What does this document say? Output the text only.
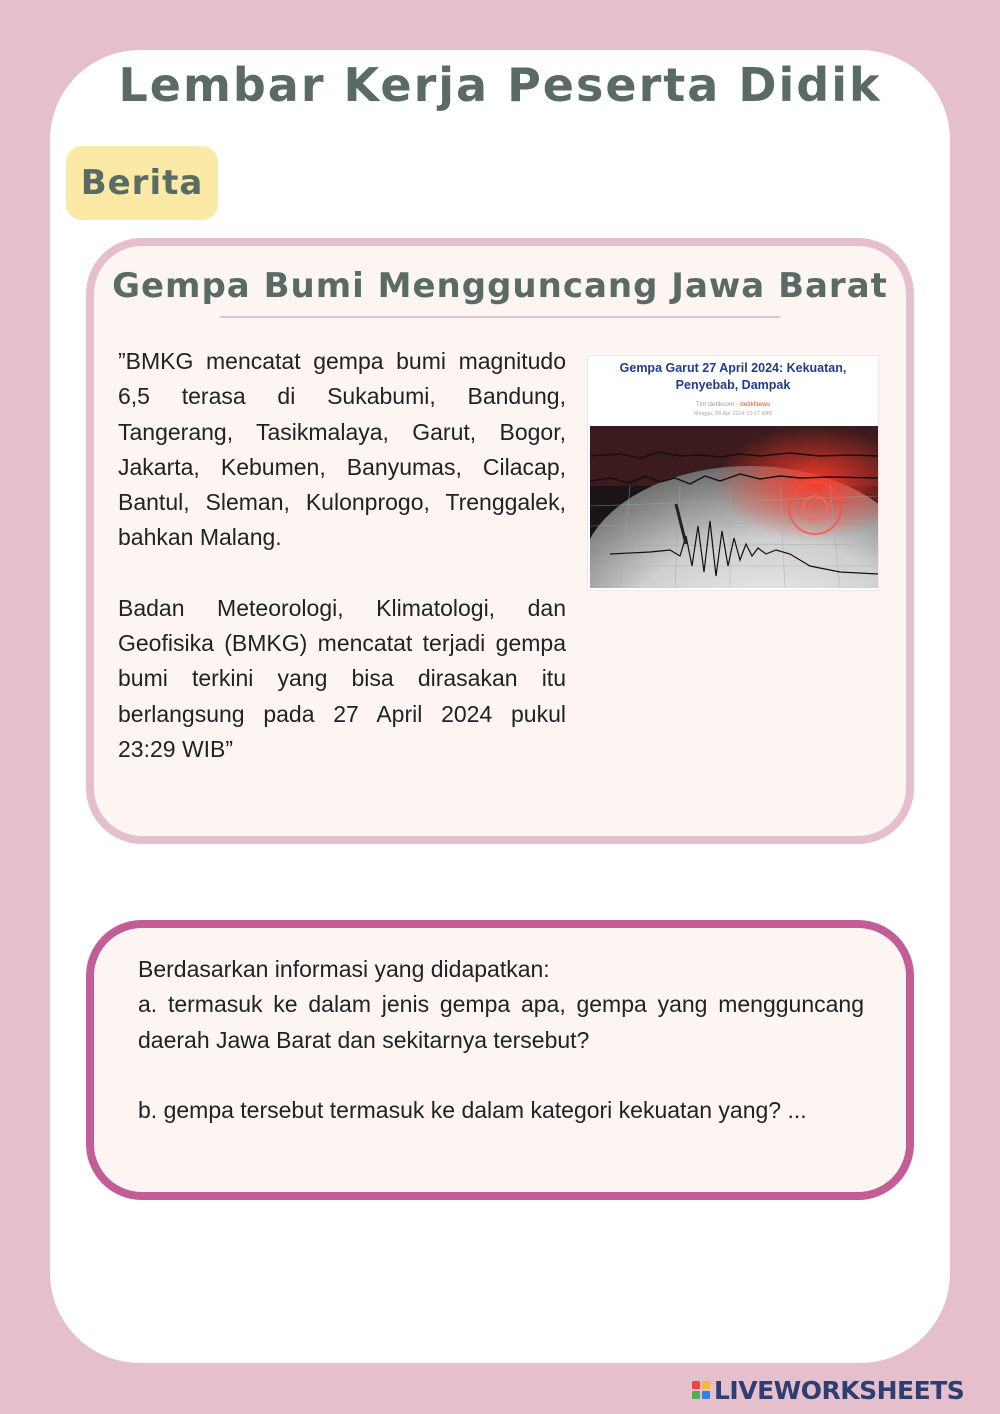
Lembar Kerja Peserta Didik
Berita
Gempa Bumi Mengguncang Jawa Barat

”BMKG mencatat gempa bumi magnitudo 6,5 terasa di Sukabumi, Bandung, Tangerang, Tasikmalaya, Garut, Bogor, Jakarta, Kebumen, Banyumas, Cilacap, Bantul, Sleman, Kulonprogo, Trenggalek, bahkan Malang.

Badan Meteorologi, Klimatologi, dan Geofisika (BMKG) mencatat terjadi gempa bumi terkini yang bisa dirasakan itu berlangsung pada 27 April 2024 pukul 23:29 WIB”

Gempa Garut 27 April 2024: Kekuatan, Penyebab, Dampak
Tim detikcom - detikNews
Minggu, 28 Apr 2024 10:17 WIB

Berdasarkan informasi yang didapatkan:

a. termasuk ke dalam jenis gempa apa, gempa yang mengguncang daerah Jawa Barat dan sekitarnya tersebut?

b. gempa tersebut termasuk ke dalam kategori kekuatan yang? ...

LIVEWORKSHEETS
